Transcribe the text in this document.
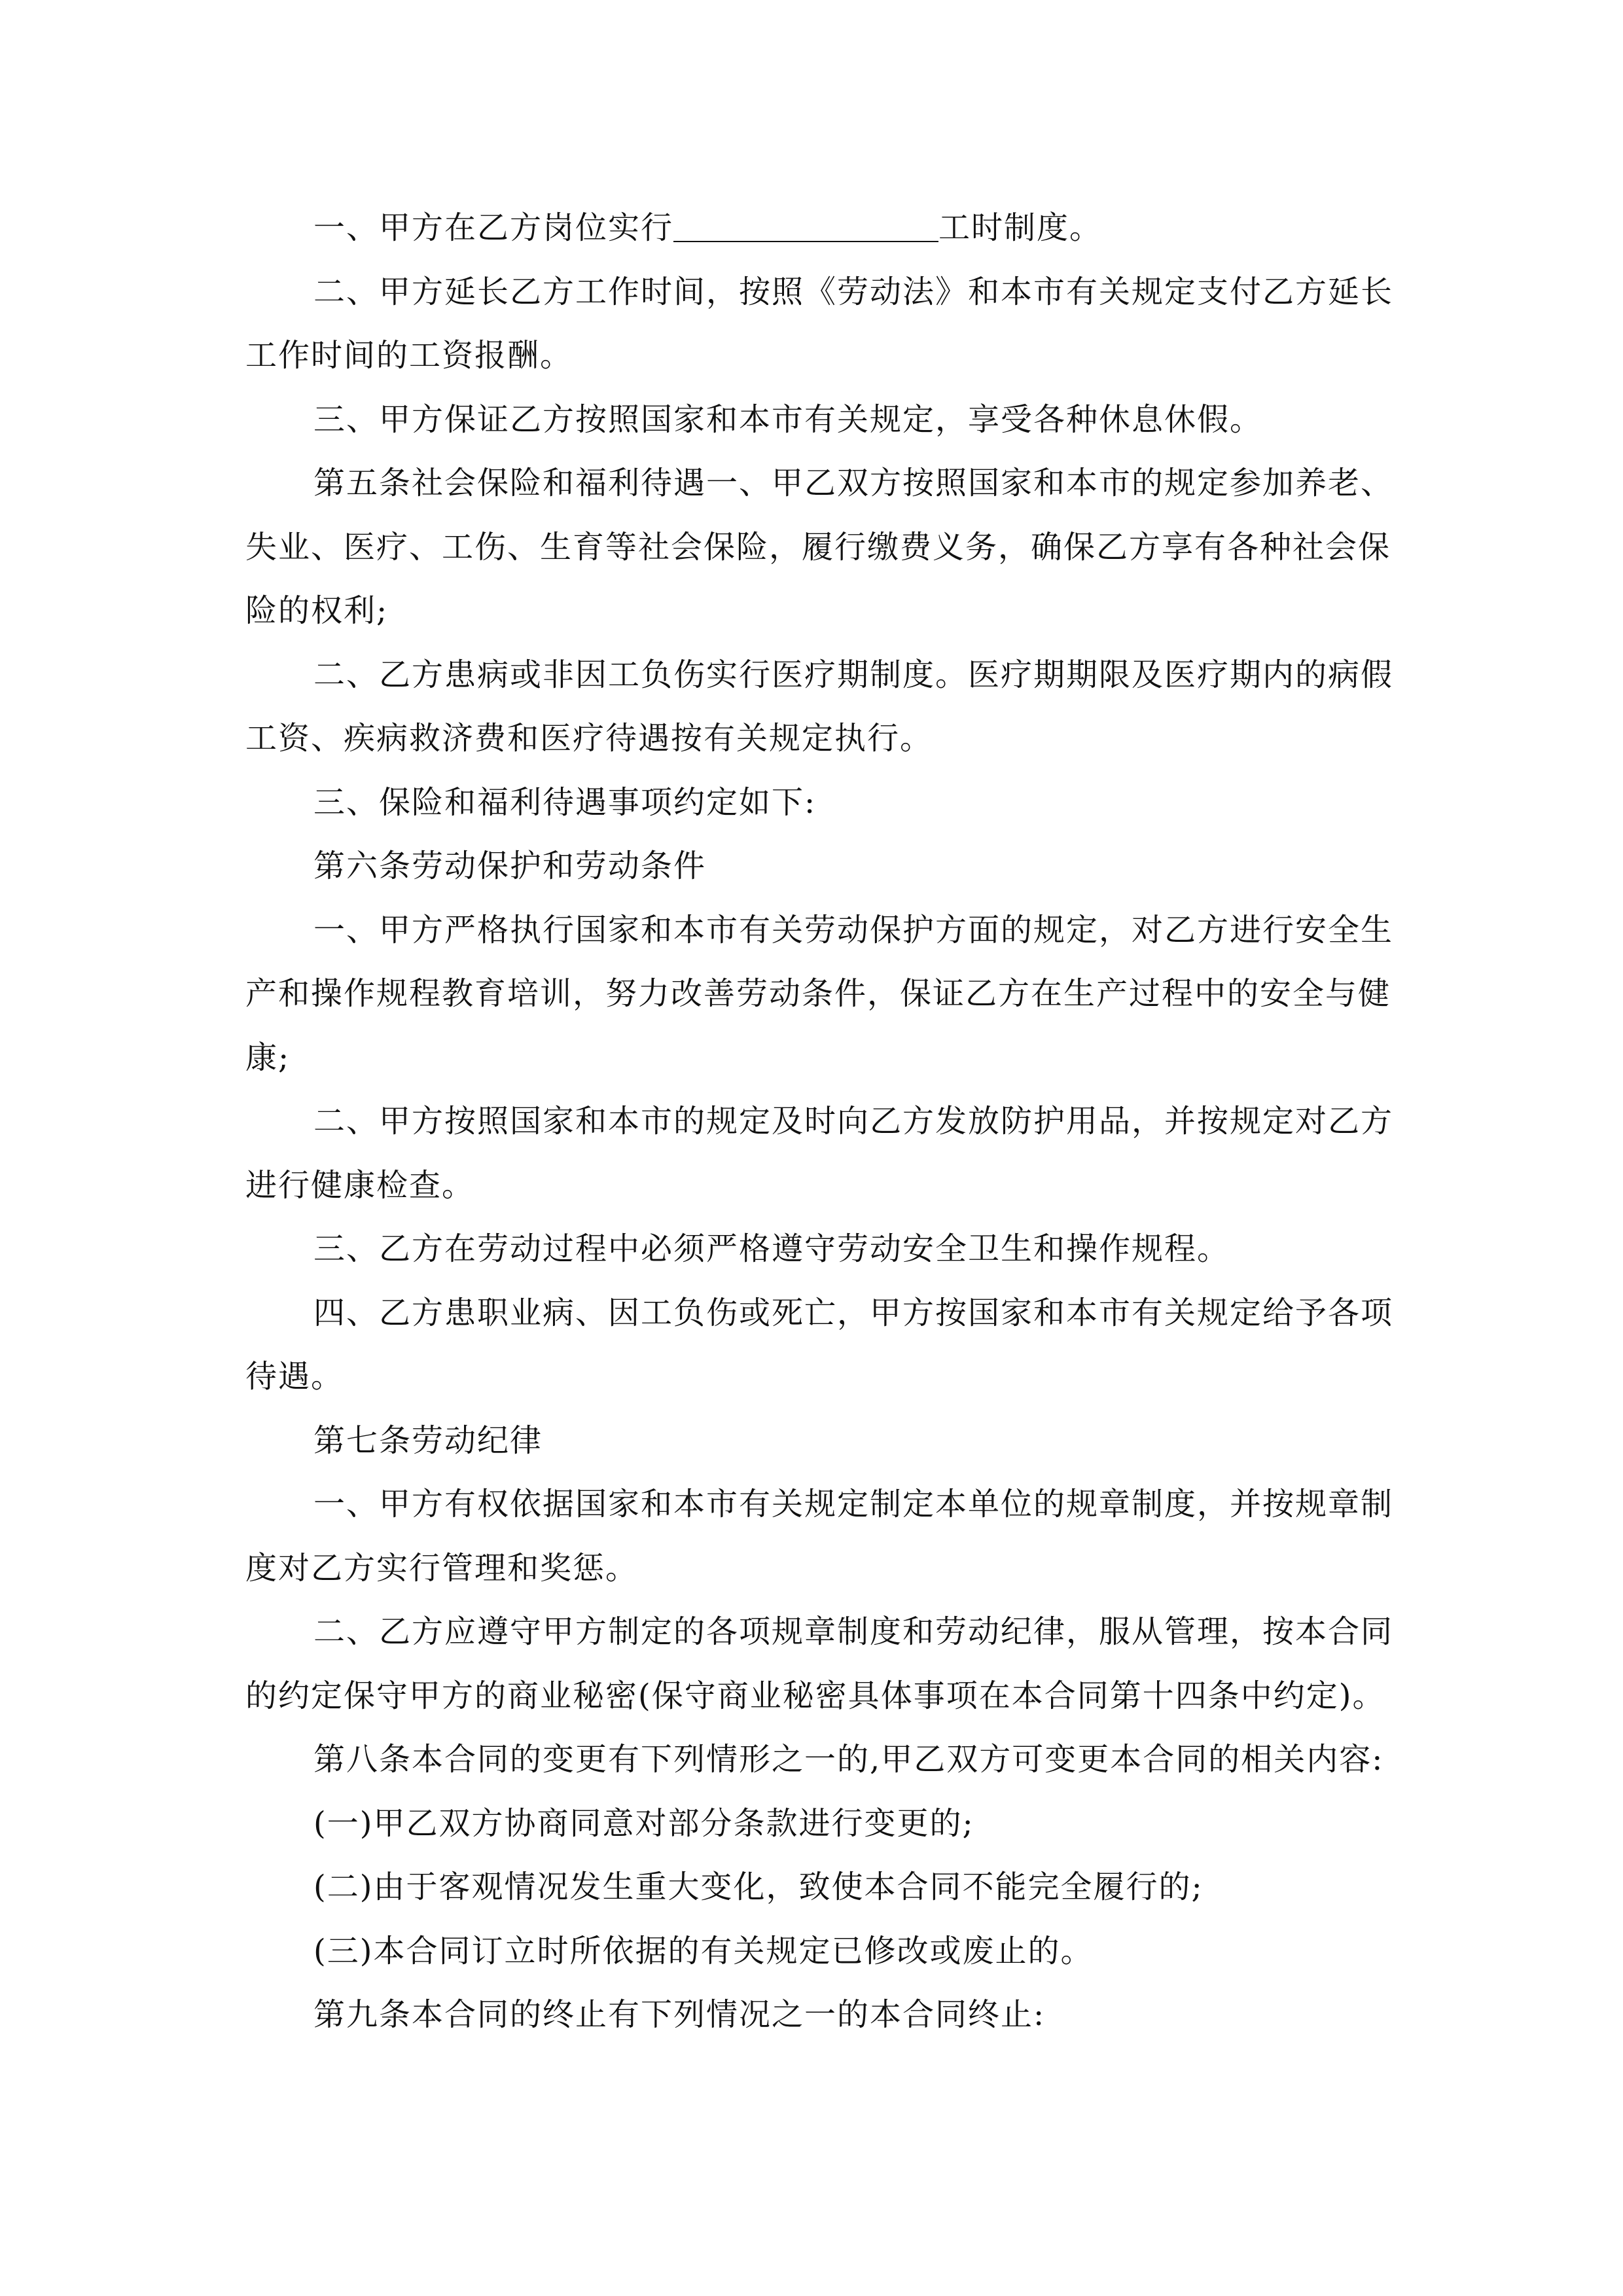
一、甲方在乙方岗位实行	工时制度。
二、甲方延长乙方工作时间，按照《劳动法》和本市有关规定支付乙方延长
工作时间的工资报酬。
三、甲方保证乙方按照国家和本市有关规定，享受各种休息休假。
第五条社会保险和福利待遇一、甲乙双方按照国家和本市的规定参加养老、
失业、医疗、工伤、生育等社会保险，履行缴费义务，确保乙方享有各种社会保
险的权利;
二、乙方患病或非因工负伤实行医疗期制度。医疗期期限及医疗期内的病假
工资、疾病救济费和医疗待遇按有关规定执行。
三、保险和福利待遇事项约定如下:
第六条劳动保护和劳动条件
一、甲方严格执行国家和本市有关劳动保护方面的规定，对乙方进行安全生
产和操作规程教育培训，努力改善劳动条件，保证乙方在生产过程中的安全与健
康;
二、甲方按照国家和本市的规定及时向乙方发放防护用品，并按规定对乙方
进行健康检查。
三、乙方在劳动过程中必须严格遵守劳动安全卫生和操作规程。
四、乙方患职业病、因工负伤或死亡，甲方按国家和本市有关规定给予各项
待遇。
第七条劳动纪律
一、甲方有权依据国家和本市有关规定制定本单位的规章制度，并按规章制
度对乙方实行管理和奖惩。
二、乙方应遵守甲方制定的各项规章制度和劳动纪律，服从管理，按本合同
的约定保守甲方的商业秘密(保守商业秘密具体事项在本合同第十四条中约定)。
第八条本合同的变更有下列情形之一的,甲乙双方可变更本合同的相关内容:
(一)甲乙双方协商同意对部分条款进行变更的;
(二)由于客观情况发生重大变化，致使本合同不能完全履行的;
(三)本合同订立时所依据的有关规定已修改或废止的。
第九条本合同的终止有下列情况之一的本合同终止:
